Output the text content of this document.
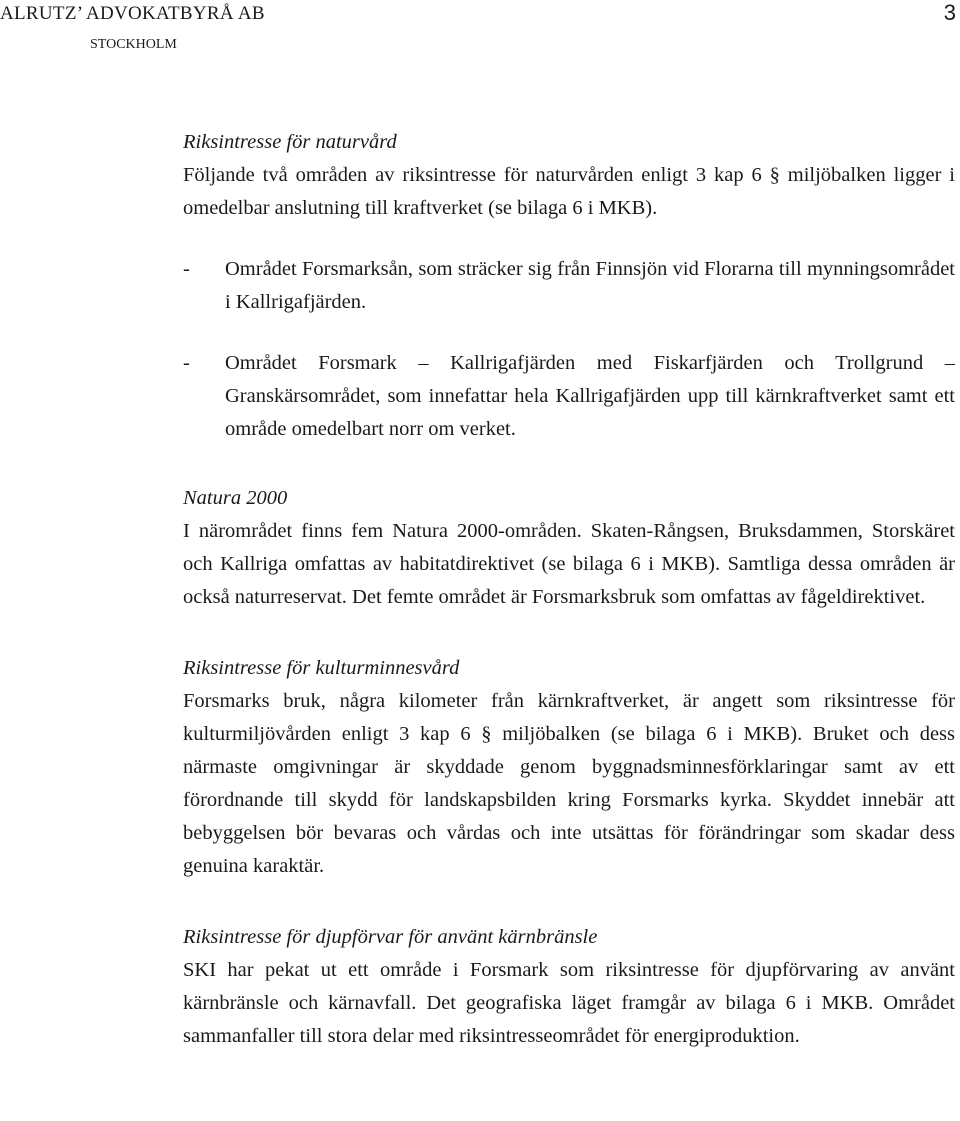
ALRUTZ’ ADVOKATBYRÅ AB
STOCKHOLM
3

Riksintresse för naturvård

Följande två områden av riksintresse för naturvården enligt 3 kap 6 § miljöbalken ligger i omedelbar anslutning till kraftverket (se bilaga 6 i MKB).

- Området Forsmarksån, som sträcker sig från Finnsjön vid Florarna till mynningsområdet i Kallrigafjärden.

- Området Forsmark – Kallrigafjärden med Fiskarfjärden och Trollgrund – Granskärsområdet, som innefattar hela Kallrigafjärden upp till kärnkraftverket samt ett område omedelbart norr om verket.

Natura 2000

I närområdet finns fem Natura 2000-områden. Skaten-Rångsen, Bruksdammen, Storskäret och Kallriga omfattas av habitatdirektivet (se bilaga 6 i MKB). Samtliga dessa områden är också naturreservat. Det femte området är Forsmarksbruk som omfattas av fågeldirektivet.

Riksintresse för kulturminnesvård

Forsmarks bruk, några kilometer från kärnkraftverket, är angett som riksintresse för kulturmiljövården enligt 3 kap 6 § miljöbalken (se bilaga 6 i MKB). Bruket och dess närmaste omgivningar är skyddade genom byggnadsminnesförklaringar samt av ett förordnande till skydd för landskapsbilden kring Forsmarks kyrka. Skyddet innebär att bebyggelsen bör bevaras och vårdas och inte utsättas för förändringar som skadar dess genuina karaktär.

Riksintresse för djupförvar för använt kärnbränsle

SKI har pekat ut ett område i Forsmark som riksintresse för djupförvaring av använt kärnbränsle och kärnavfall. Det geografiska läget framgår av bilaga 6 i MKB. Området sammanfaller till stora delar med riksintresseområdet för energiproduktion.
